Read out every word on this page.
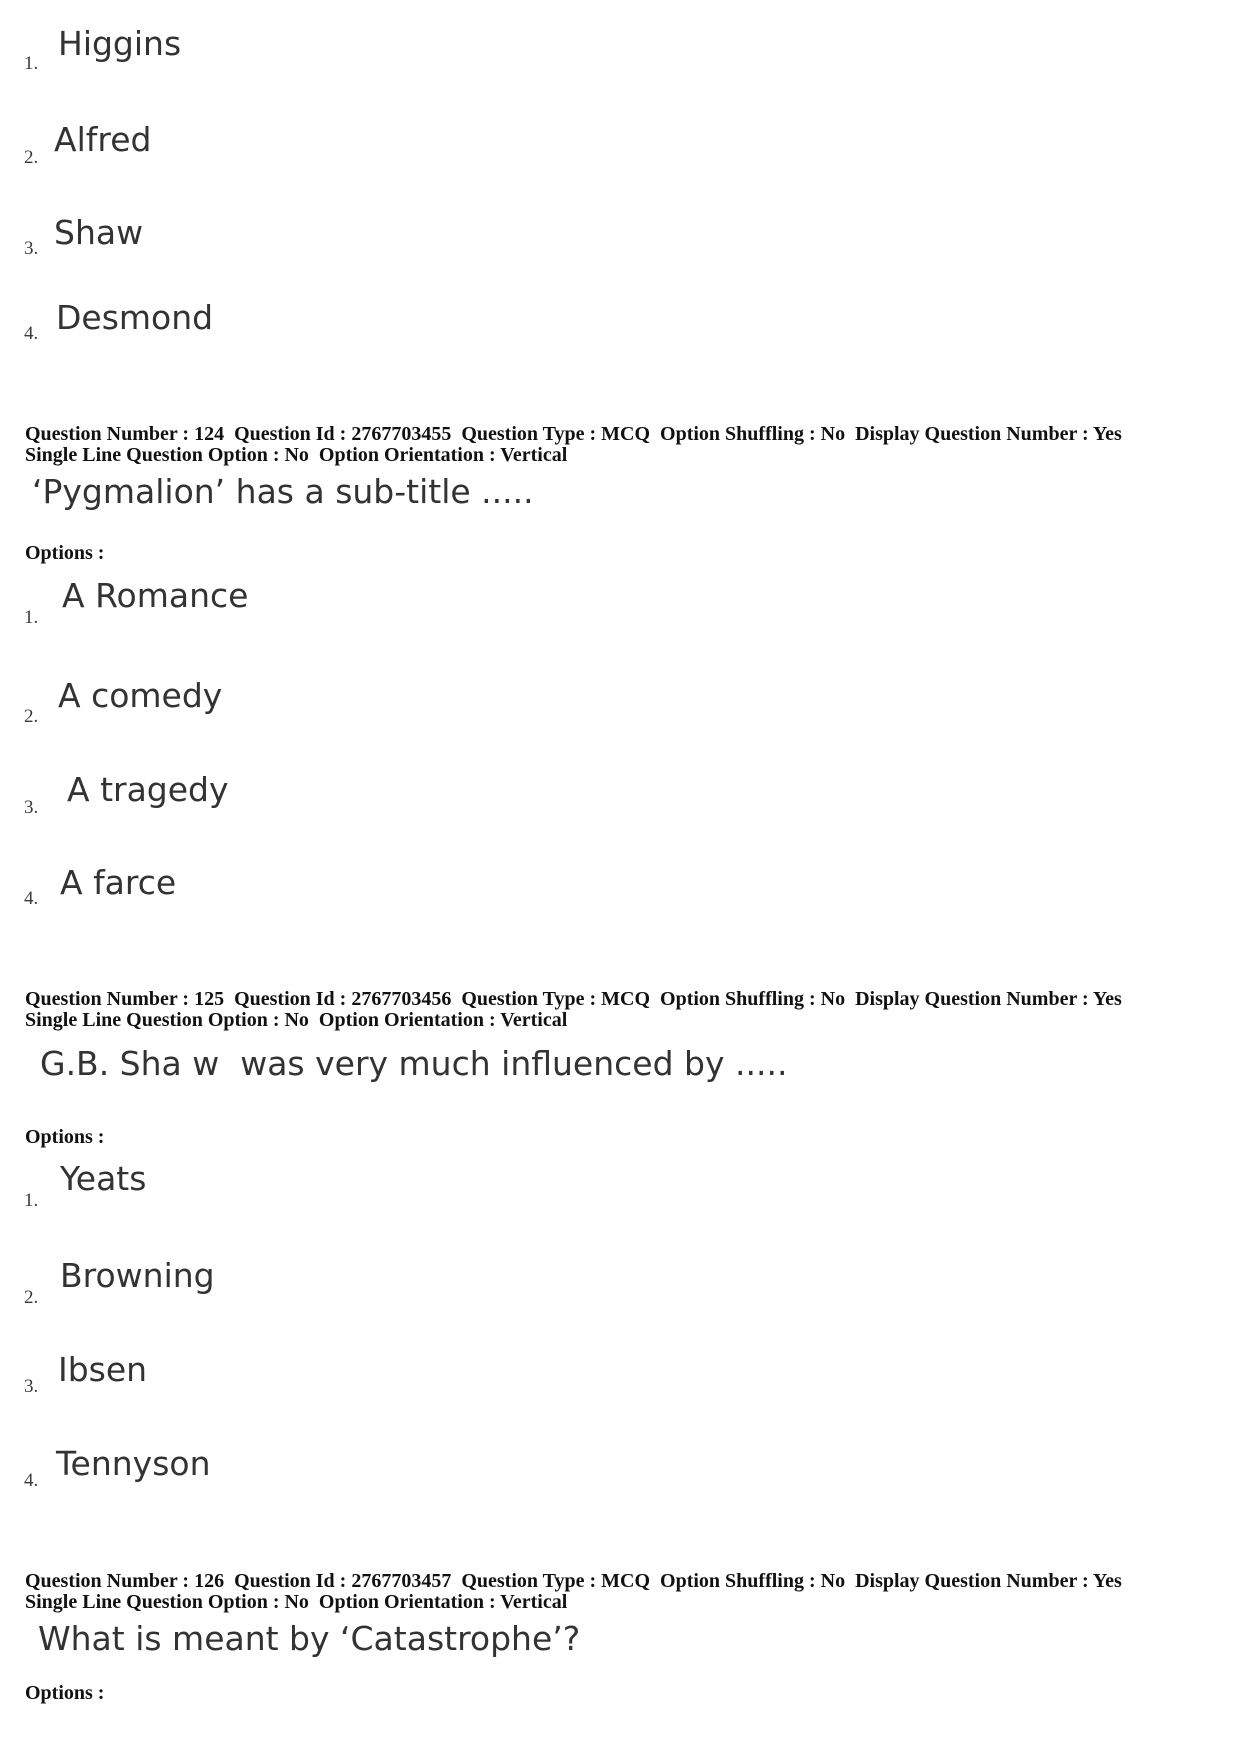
1.
Higgins
2. Alfred
3. Shaw
4. Desmond
Question Number : 124  Question Id : 2767703455  Question Type : MCQ  Option Shuffling : No  Display Question Number : Yes
Single Line Question Option : No  Option Orientation : Vertical
‘Pygmalion’ has a sub-title .....
Options :
1.
A Romance
2.
A comedy
3. A tragedy
4. A farce
Question Number : 125  Question Id : 2767703456  Question Type : MCQ  Option Shuffling : No  Display Question Number : Yes
Single Line Question Option : No  Option Orientation : Vertical
G.B. Sha w  was very much influenced by .....
Options :
1.
Yeats
2.
Browning
3. Ibsen
4. Tennyson
Question Number : 126  Question Id : 2767703457  Question Type : MCQ  Option Shuffling : No  Display Question Number : Yes
Single Line Question Option : No  Option Orientation : Vertical
What is meant by ‘Catastrophe’?
Options :
